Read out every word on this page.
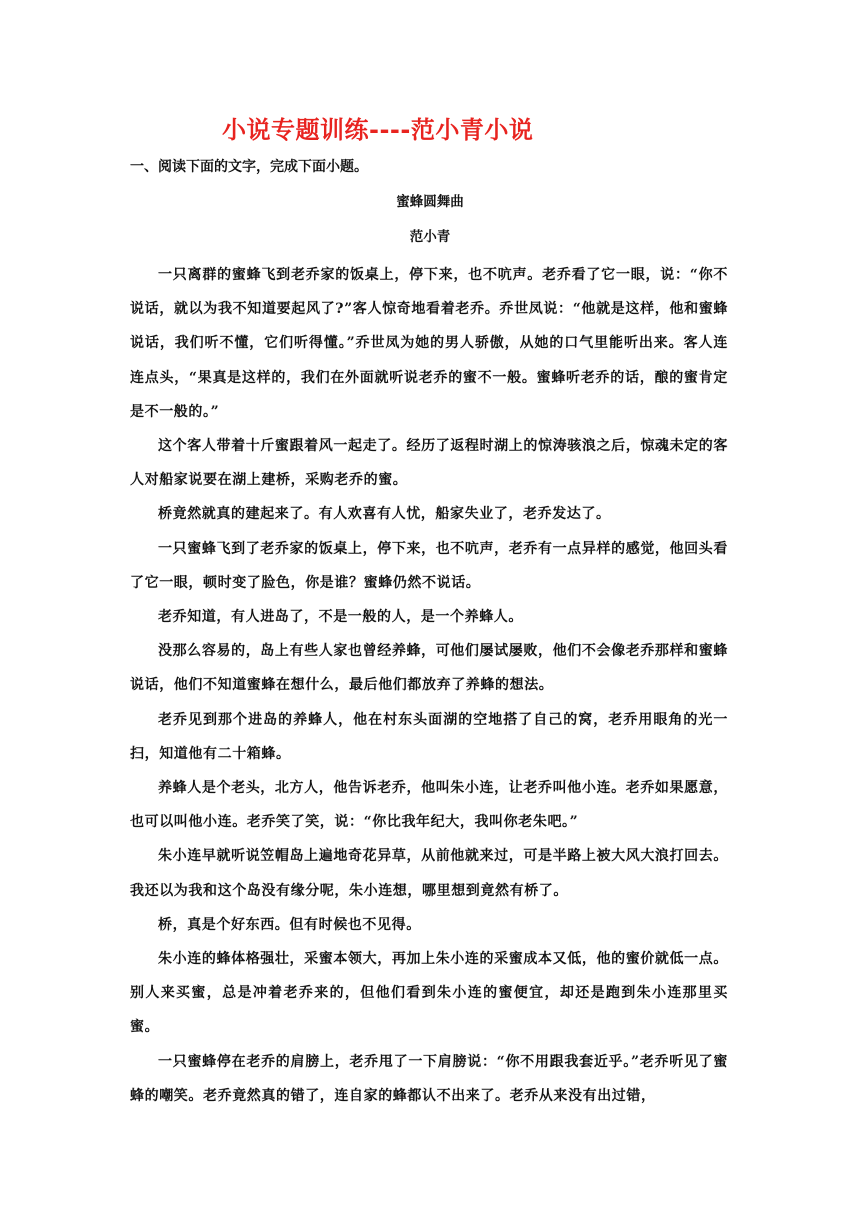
小说专题训练----范小青小说
一、阅读下面的文字，完成下面小题。
蜜蜂圆舞曲
范小青

一只离群的蜜蜂飞到老乔家的饭桌上，停下来，也不吭声。老乔看了它一眼，说：“你不说话，就以为我不知道要起风了?”客人惊奇地看着老乔。乔世凤说：“他就是这样，他和蜜蜂说话，我们听不懂，它们听得懂。”乔世凤为她的男人骄傲，从她的口气里能听出来。客人连连点头，“果真是这样的，我们在外面就听说老乔的蜜不一般。蜜蜂听老乔的话，酿的蜜肯定是不一般的。”

这个客人带着十斤蜜跟着风一起走了。经历了返程时湖上的惊涛骇浪之后，惊魂未定的客人对船家说要在湖上建桥，采购老乔的蜜。

桥竟然就真的建起来了。有人欢喜有人忧，船家失业了，老乔发达了。

一只蜜蜂飞到了老乔家的饭桌上，停下来，也不吭声，老乔有一点异样的感觉，他回头看了它一眼，顿时变了脸色，你是谁？蜜蜂仍然不说话。

老乔知道，有人进岛了，不是一般的人，是一个养蜂人。

没那么容易的，岛上有些人家也曾经养蜂，可他们屡试屡败，他们不会像老乔那样和蜜蜂说话，他们不知道蜜蜂在想什么，最后他们都放弃了养蜂的想法。

老乔见到那个进岛的养蜂人，他在村东头面湖的空地搭了自己的窝，老乔用眼角的光一扫，知道他有二十箱蜂。

养蜂人是个老头，北方人，他告诉老乔，他叫朱小连，让老乔叫他小连。老乔如果愿意，也可以叫他小连。老乔笑了笑，说：“你比我年纪大，我叫你老朱吧。”

朱小连早就听说笠帽岛上遍地奇花异草，从前他就来过，可是半路上被大风大浪打回去。我还以为我和这个岛没有缘分呢，朱小连想，哪里想到竟然有桥了。

桥，真是个好东西。但有时候也不见得。

朱小连的蜂体格强壮，采蜜本领大，再加上朱小连的采蜜成本又低，他的蜜价就低一点。别人来买蜜，总是冲着老乔来的，但他们看到朱小连的蜜便宜，却还是跑到朱小连那里买蜜。

一只蜜蜂停在老乔的肩膀上，老乔甩了一下肩膀说：“你不用跟我套近乎。”老乔听见了蜜蜂的嘲笑。老乔竟然真的错了，连自家的蜂都认不出来了。老乔从来没有出过错，
